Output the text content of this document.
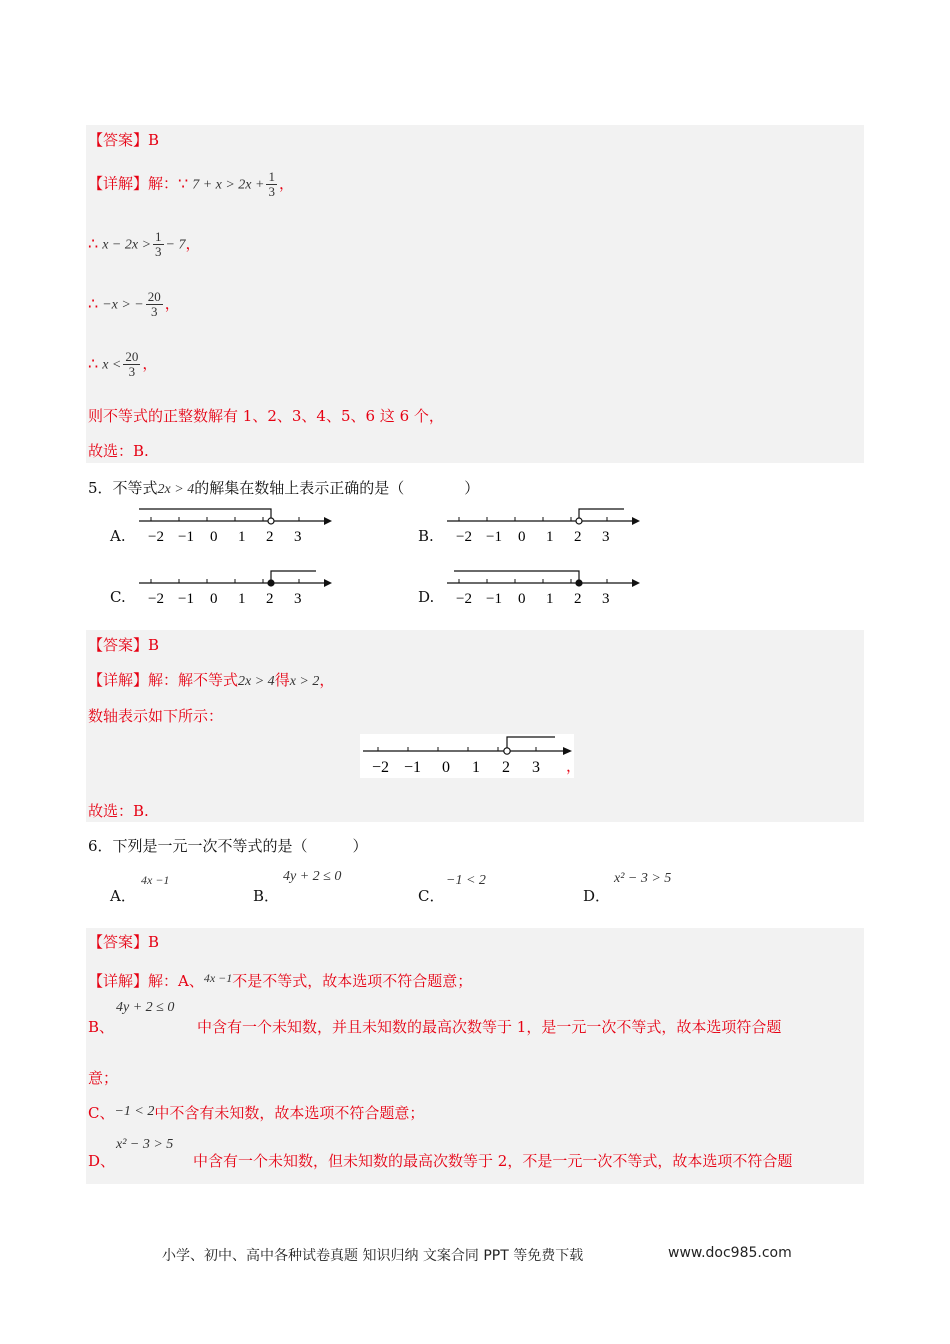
【答案】B
【详解】解：∵ $7 + x > 2x + \frac{1}{3}$ ，
∴ $x - 2x > \frac{1}{3} - 7$，
∴ −x > − $\frac{20}{3}$ ，
∴ $x < \frac{20}{3}$ ，
则不等式的正整数解有 1、2、3、4、5、6 这 6 个，
故选：B.
5．不等式2x > 4的解集在数轴上表示正确的是（　　　　）
A. −2 −1 0 1 2 3	B. −2 −1 0 1 2 3
C. −2 −1 0 1 2 3	D. −2 −1 0 1 2 3
【答案】B
【详解】解：解不等式2x > 4得x > 2，
数轴表示如下所示：
−2 −1 0 1 2 3 ，
故选：B.
6．下列是一元一次不等式的是（　　　）
A．
4x −1
B．
4y + 2 ≤ 0
C．
−1 < 2
D．
x² − 3 > 5
【答案】B
【详解】解：A、$^{4x -1}$不是不等式，故本选项不符合题意；
4y + 2 ≤ 0
B、	中含有一个未知数，并且未知数的最高次数等于 1，是一元一次不等式，故本选项符合题
意；
C、−1 < 2中不含有未知数，故本选项不符合题意；
x² − 3 > 5
D、	中含有一个未知数，但未知数的最高次数等于 2，不是一元一次不等式，故本选项不符合题
小学、初中、高中各种试卷真题 知识归纳 文案合同 PPT 等免费下载	www.doc985.com
